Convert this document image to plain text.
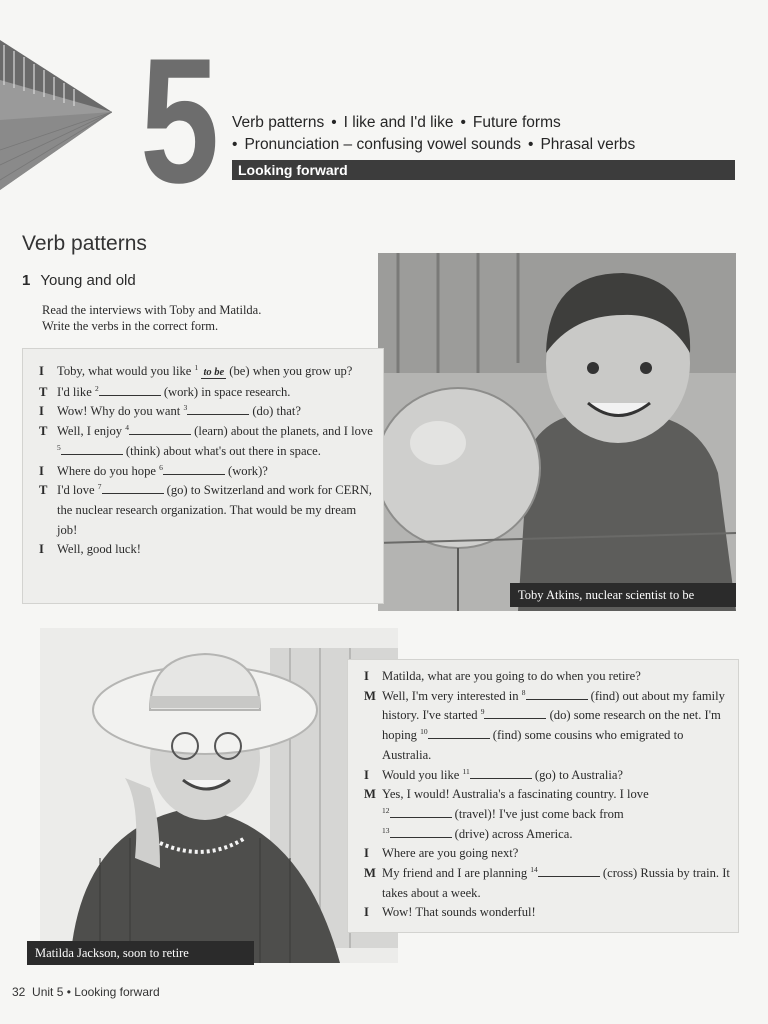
5 Verb patterns • I like and I'd like • Future forms
• Pronunciation – confusing vowel sounds • Phrasal verbs
Looking forward
Verb patterns
1 Young and old
Read the interviews with Toby and Matilda.
Write the verbs in the correct form.
Toby Atkins, nuclear scientist to be
I	Toby, what would you like $^1$ to be (be) when you grow up?
T I'd like $^2$	(work) in space research.
I	Wow! Why do you want $^3$	(do) that?
T Well, I enjoy $^4$	(learn) about the planets, and I love $^5$	(think) about what's out there in space.
I	Where do you hope $^6$	(work)?
T I'd love $^7$	(go) to Switzerland and work for CERN, the nuclear research organization. That would be my dream job!
I	Well, good luck!
Matilda Jackson, soon to retire
I	Matilda, what are you going to do when you retire?
M Well, I'm very interested in $^8$	(find) out about my family history. I've started $^9$	(do) some research on the net. I'm hoping $^{10}$	(find) some cousins who emigrated to Australia.
I	Would you like $^{11}$	(go) to Australia?
M Yes, I would! Australia's a fascinating country. I love
$^{12}$	(travel)! I've just come back from
$^{13}$	(drive) across America.
I	Where are you going next?
M My friend and I are planning $^{14}$	(cross) Russia by train. It takes about a week.
I	Wow! That sounds wonderful!
32 Unit 5 • Looking forward
